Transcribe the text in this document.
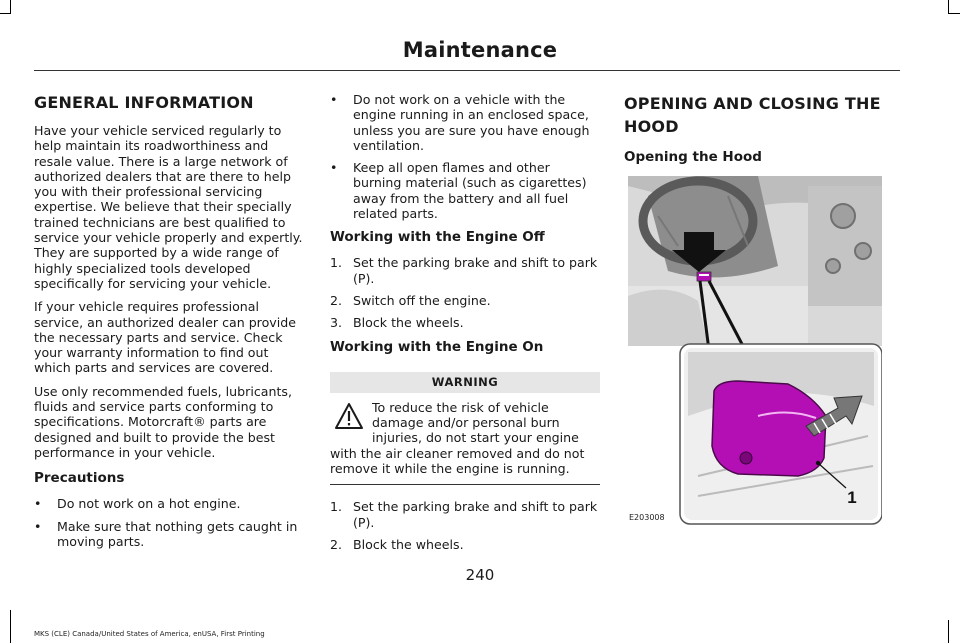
Maintenance
GENERAL INFORMATION

Have your vehicle serviced regularly to help maintain its roadworthiness and resale value. There is a large network of authorized dealers that are there to help you with their professional servicing expertise. We believe that their specially trained technicians are best qualified to service your vehicle properly and expertly. They are supported by a wide range of highly specialized tools developed specifically for servicing your vehicle.

If your vehicle requires professional service, an authorized dealer can provide the necessary parts and service. Check your warranty information to find out which parts and services are covered.

Use only recommended fuels, lubricants, fluids and service parts conforming to specifications. Motorcraft® parts are designed and built to provide the best performance in your vehicle.

Precautions
• Do not work on a hot engine.
• Make sure that nothing gets caught in moving parts.
• Do not work on a vehicle with the engine running in an enclosed space, unless you are sure you have enough ventilation.
• Keep all open flames and other burning material (such as cigarettes) away from the battery and all fuel related parts.
Working with the Engine Off
1. Set the parking brake and shift to park (P).
2. Switch off the engine.
3. Block the wheels.
Working with the Engine On
WARNING
To reduce the risk of vehicle damage and/or personal burn injuries, do not start your engine with the air cleaner removed and do not remove it while the engine is running.
1. Set the parking brake and shift to park (P).
2. Block the wheels.
OPENING AND CLOSING THE HOOD
Opening the Hood
1
E203008
240
MKS (CLE) Canada/United States of America, enUSA, First Printing
